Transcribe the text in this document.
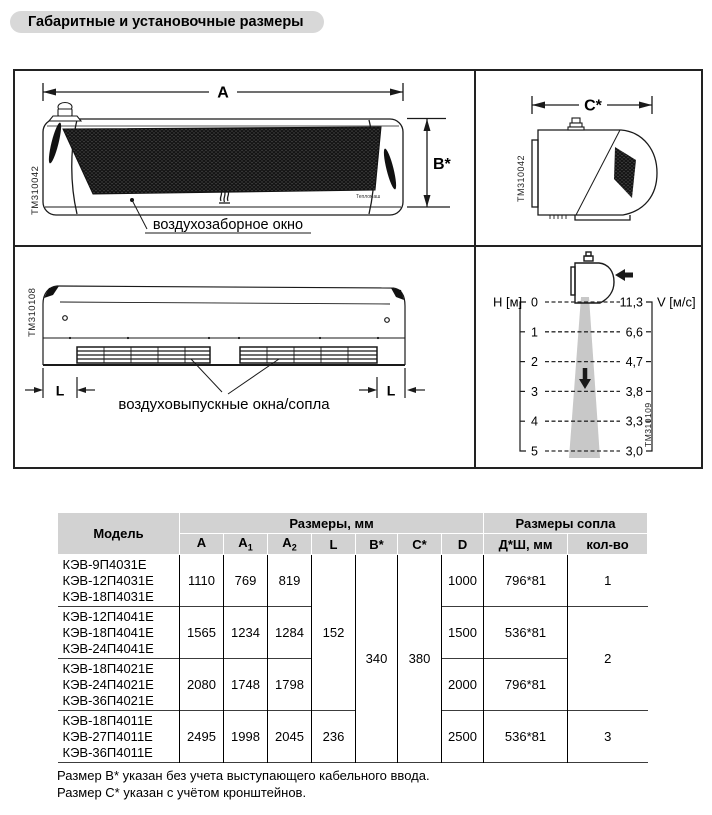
Габаритные и установочные размеры
A
Тепломаш
B*
воздухозаборное окно
TM310042
C*
TM310042
L	L
воздуховыпускные окна/сопла
TM310108	Н [м] 0
1
2
3
4
5
V [м/с]
11,3
6,6
4,7
3,8
3,3
3,0
TM310109
Модель	Размеры, мм							Размеры сопла	
	A	$A_1$	$A_2$	L	B*	C*	D	Д*Ш, мм	кол-во

КЭВ-9П4031Е
КЭВ-12П4031Е
КЭВ-18П4031Е	1110	769	819	152	340	380	1000	796*81	1

КЭВ-12П4041Е
КЭВ-18П4041Е
КЭВ-24П4041Е	1565	1234	1284				1500	536*81	2

КЭВ-18П4021Е
КЭВ-24П4021Е
КЭВ-36П4021Е	2080	1748	1798				2000	796*81	

КЭВ-18П4011Е
КЭВ-27П4011Е
КЭВ-36П4011Е	2495	1998	2045	236			2500	536*81	3
Размер B* указан без учета выступающего кабельного ввода.
Размер C* указан с учётом кронштейнов.
